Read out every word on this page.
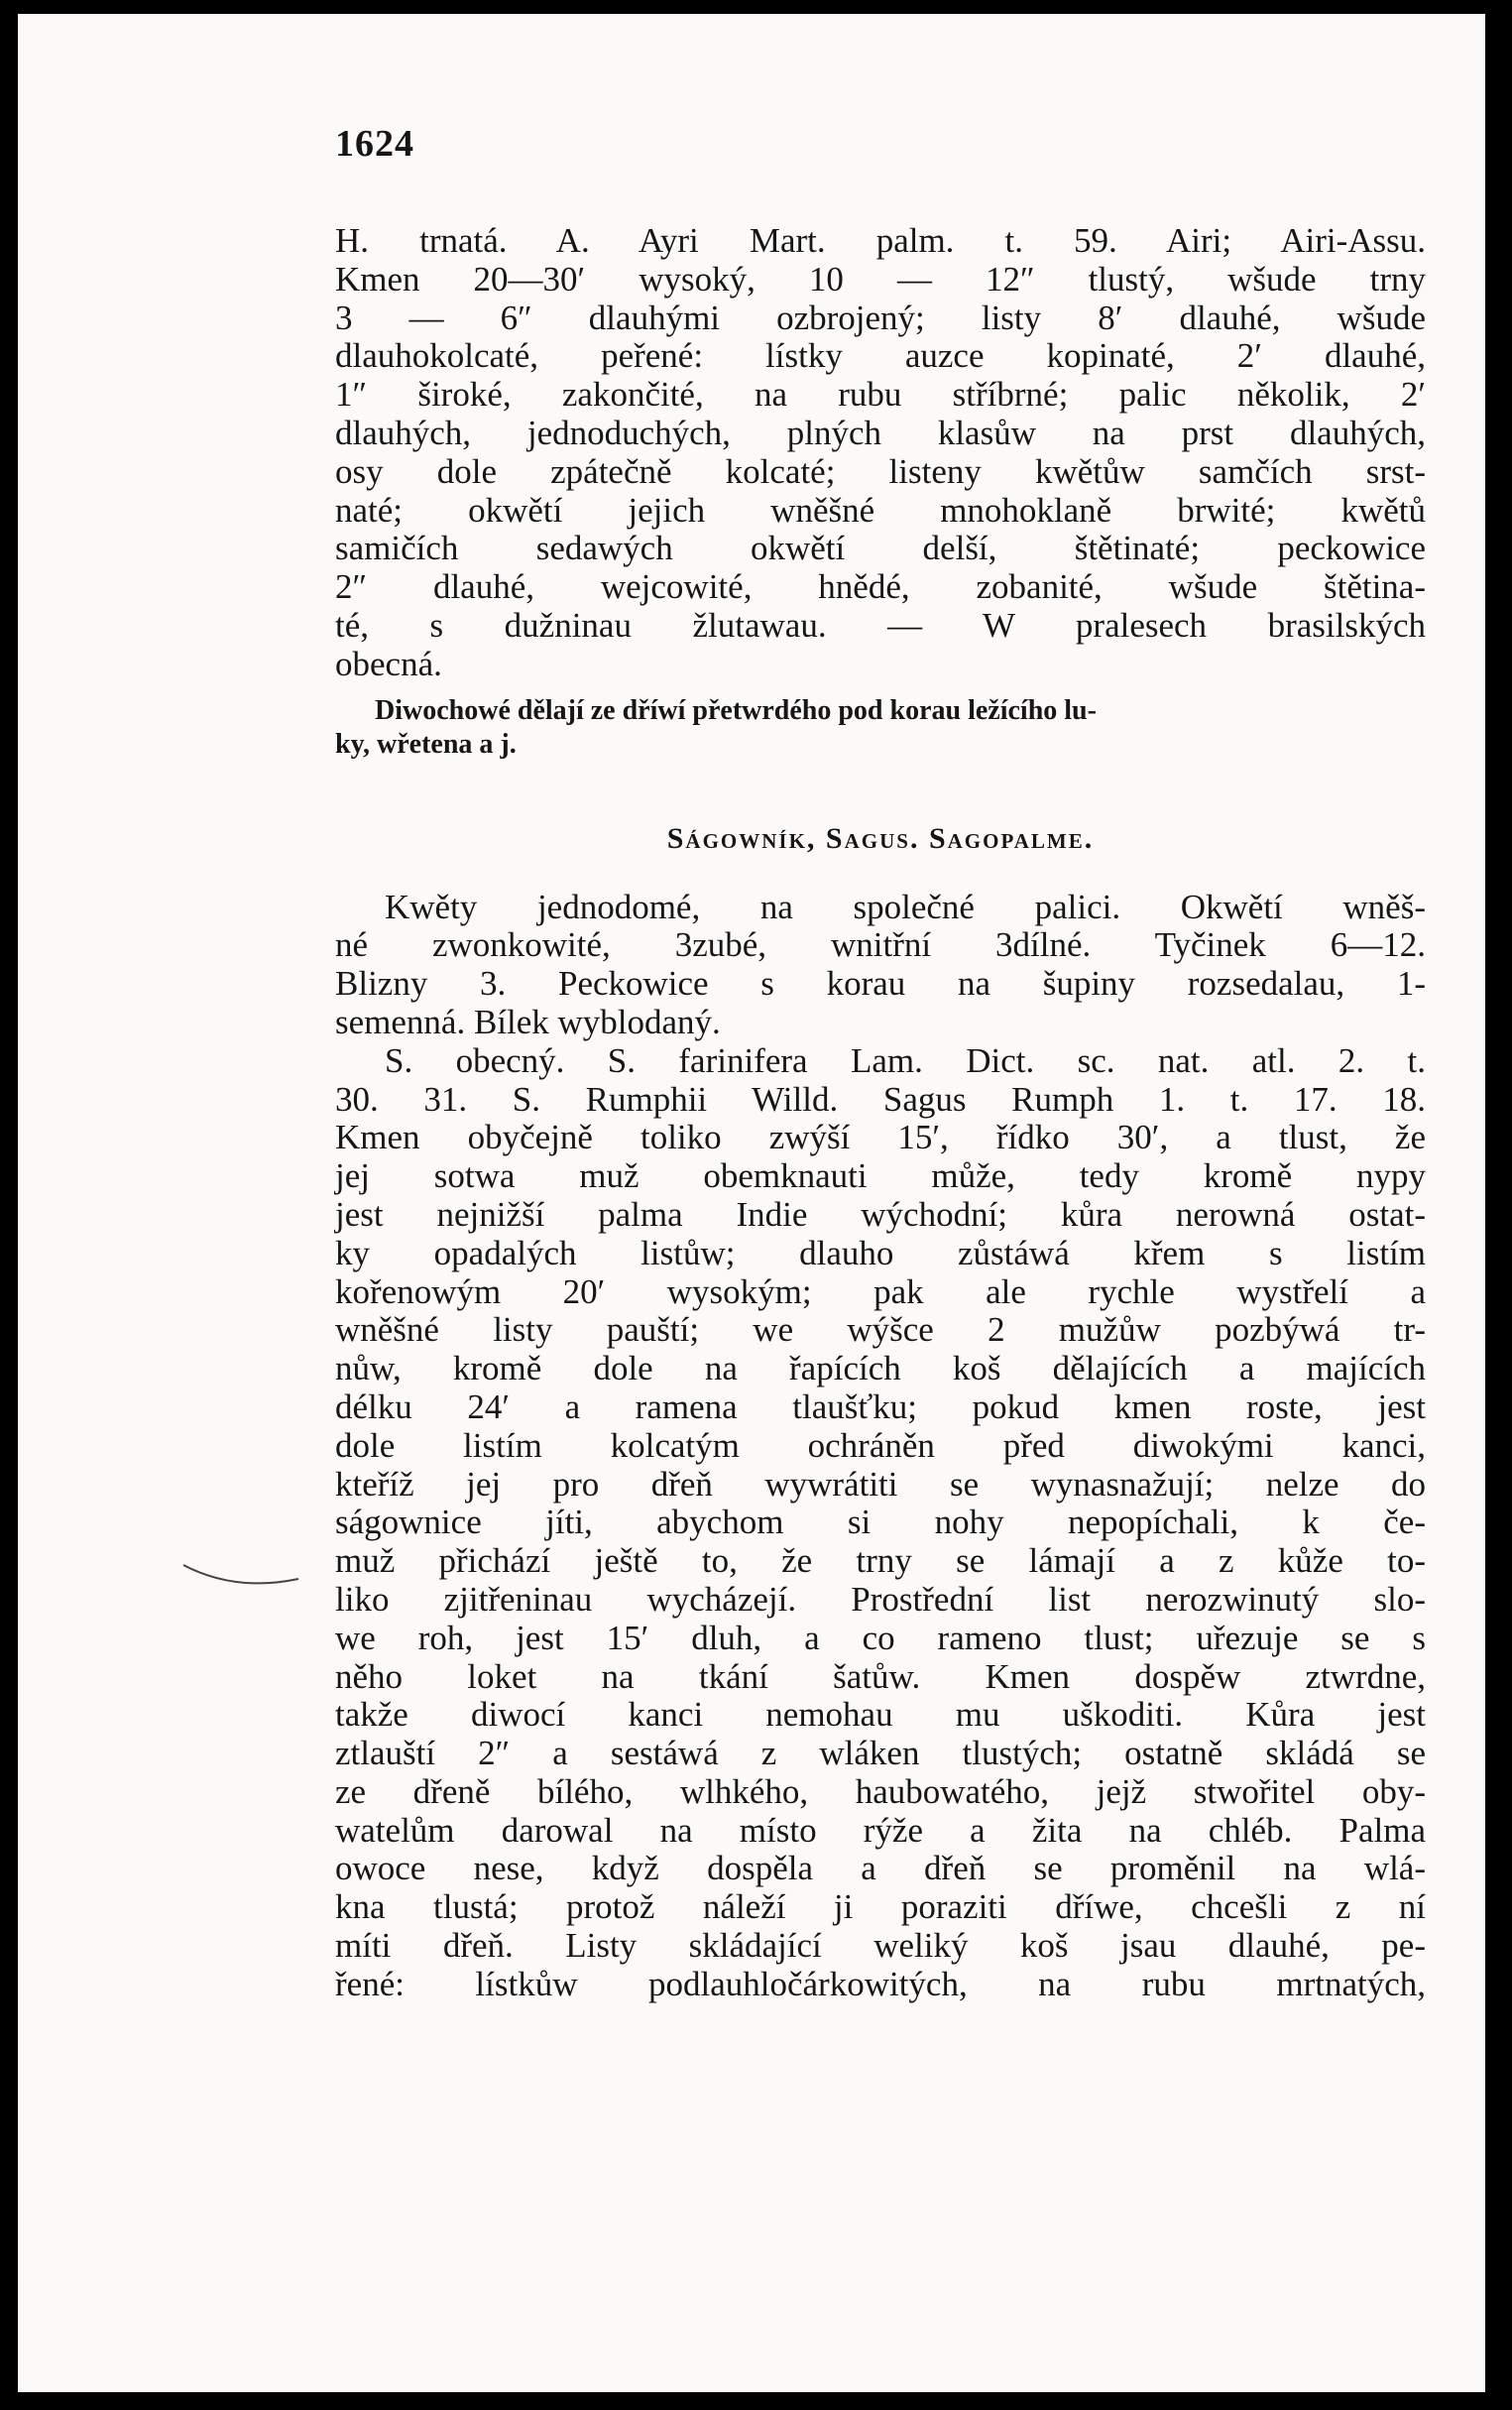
1624
H. trnatá. A. Ayri Mart. palm. t. 59. Airi; Airi-Assu.
Kmen 20—30′ wysoký, 10 — 12″ tlustý, wšude trny
3 — 6″ dlauhými ozbrojený; listy 8′ dlauhé, wšude
dlauhokolcaté, peřené: lístky auzce kopinaté, 2′ dlauhé,
1″ široké, zakončité, na rubu stříbrné; palic několik, 2′
dlauhých, jednoduchých, plných klasůw na prst dlauhých,
osy dole zpátečně kolcaté; listeny kwětůw samčích srst-
naté; okwětí jejich wněšné mnohoklaně brwité; kwětů
samičích sedawých okwětí delší, štětinaté; peckowice
2″ dlauhé, wejcowité, hnědé, zobanité, wšude štětina-
té, s dužninau žlutawau. — W pralesech brasilských
obecná.
Diwochowé dělají ze dříwí přetwrdého pod korau ležícího lu-
ky, wřetena a j.
Ságowník, Sagus. Sagopalme.
Kwěty jednodomé, na společné palici. Okwětí wněš-
né zwonkowité, 3zubé, wnitřní 3dílné. Tyčinek 6—12.
Blizny 3. Peckowice s korau na šupiny rozsedalau, 1-
semenná. Bílek wyblodaný.
S. obecný. S. farinifera Lam. Dict. sc. nat. atl. 2. t.
30. 31. S. Rumphii Willd. Sagus Rumph 1. t. 17. 18.
Kmen obyčejně toliko zwýší 15′, řídko 30′, a tlust, že
jej sotwa muž obemknauti může, tedy kromě nypy
jest nejnižší palma Indie wýchodní; kůra nerowná ostat-
ky opadalých listůw; dlauho zůstáwá křem s listím
kořenowým 20′ wysokým; pak ale rychle wystřelí a
wněšné listy pauští; we wýšce 2 mužůw pozbýwá tr-
nůw, kromě dole na řapících koš dělajících a majících
délku 24′ a ramena tlaušťku; pokud kmen roste, jest
dole listím kolcatým ochráněn před diwokými kanci,
kteříž jej pro dřeň wywrátiti se wynasnažují; nelze do
ságownice jíti, abychom si nohy nepopíchali, k če-
muž přichází ještě to, že trny se lámají a z kůže to-
liko zjitřeninau wycházejí. Prostřední list nerozwinutý slo-
we roh, jest 15′ dluh, a co rameno tlust; uřezuje se s
něho loket na tkání šatůw. Kmen dospěw ztwrdne,
takže diwocí kanci nemohau mu uškoditi. Kůra jest
ztlauští 2″ a sestáwá z wláken tlustých; ostatně skládá se
ze dřeně bílého, wlhkého, haubowatého, jejž stwořitel oby-
watelům darowal na místo rýže a žita na chléb. Palma
owoce nese, když dospěla a dřeň se proměnil na wlá-
kna tlustá; protož náleží ji poraziti dříwe, chcešli z ní
míti dřeň. Listy skládající weliký koš jsau dlauhé, pe-
řené: lístkůw podlauhločárkowitých, na rubu mrtnatých,
